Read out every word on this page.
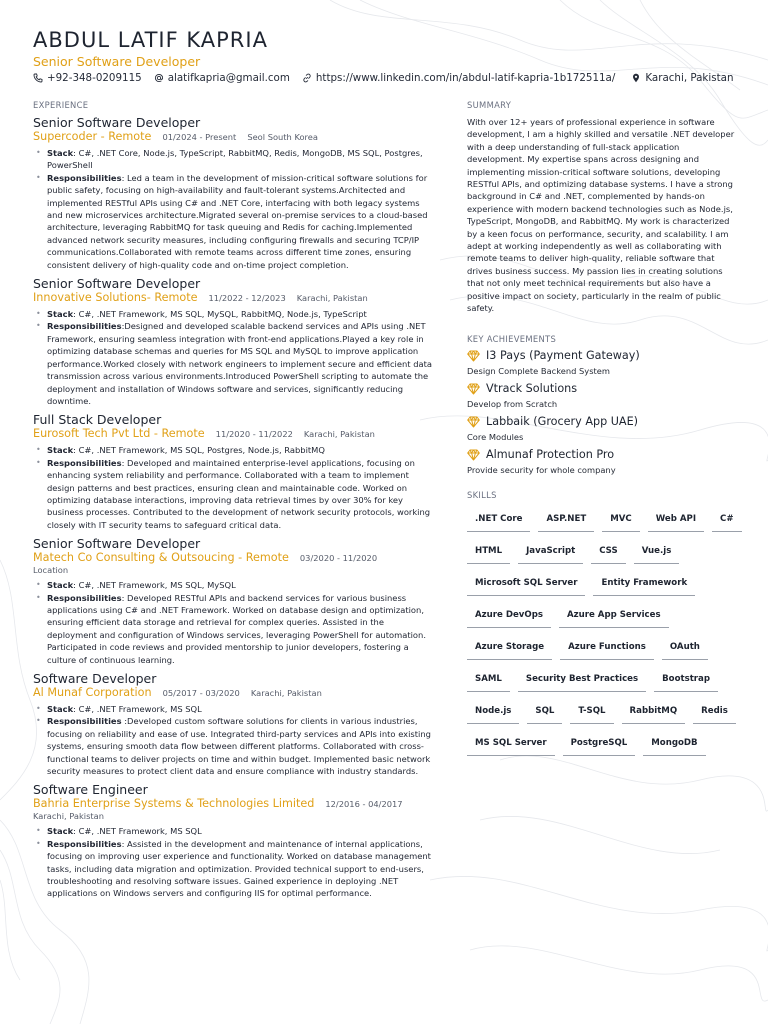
ABDUL LATIF KAPRIA
Senior Software Developer
+92-348-0209115	alatifkapria@gmail.com	https://www.linkedin.com/in/abdul-latif-kapria-1b172511a/	Karachi, Pakistan
EXPERIENCE
Senior Software Developer
Supercoder - Remote 01/2024 - Present Seol South Korea
• Stack: C#, .NET Core, Node.js, TypeScript, RabbitMQ, Redis, MongoDB, MS SQL, Postgres, PowerShell
• Responsibilities: Led a team in the development of mission-critical software solutions for public safety, focusing on high-availability and fault-tolerant systems.Architected and implemented RESTful APIs using C# and .NET Core, interfacing with both legacy systems and new microservices architecture.Migrated several on-premise services to a cloud-based architecture, leveraging RabbitMQ for task queuing and Redis for caching.Implemented advanced network security measures, including configuring firewalls and securing TCP/IP communications.Collaborated with remote teams across different time zones, ensuring consistent delivery of high-quality code and on-time project completion.
Senior Software Developer
Innovative Solutions- Remote 11/2022 - 12/2023 Karachi, Pakistan
• Stack: C#, .NET Framework, MS SQL, MySQL, RabbitMQ, Node.js, TypeScript
• Responsibilities:Designed and developed scalable backend services and APIs using .NET Framework, ensuring seamless integration with front-end applications.Played a key role in optimizing database schemas and queries for MS SQL and MySQL to improve application performance.Worked closely with network engineers to implement secure and efficient data transmission across various environments.Introduced PowerShell scripting to automate the deployment and installation of Windows software and services, significantly reducing downtime.
Full Stack Developer
Eurosoft Tech Pvt Ltd - Remote 11/2020 - 11/2022 Karachi, Pakistan
• Stack: C#, .NET Framework, MS SQL, Postgres, Node.js, RabbitMQ
• Responsibilities: Developed and maintained enterprise-level applications, focusing on enhancing system reliability and performance. Collaborated with a team to implement design patterns and best practices, ensuring clean and maintainable code. Worked on optimizing database interactions, improving data retrieval times by over 30% for key business processes. Contributed to the development of network security protocols, working closely with IT security teams to safeguard critical data.
Senior Software Developer
Matech Co Consulting & Outsoucing - Remote 03/2020 - 11/2020
Location
• Stack: C#, .NET Framework, MS SQL, MySQL
• Responsibilities: Developed RESTful APIs and backend services for various business applications using C# and .NET Framework. Worked on database design and optimization, ensuring efficient data storage and retrieval for complex queries. Assisted in the deployment and configuration of Windows services, leveraging PowerShell for automation. Participated in code reviews and provided mentorship to junior developers, fostering a culture of continuous learning.
Software Developer
Al Munaf Corporation 05/2017 - 03/2020 Karachi, Pakistan
• Stack: C#, .NET Framework, MS SQL
• Responsibilities :Developed custom software solutions for clients in various industries, focusing on reliability and ease of use. Integrated third-party services and APIs into existing systems, ensuring smooth data flow between different platforms. Collaborated with cross-functional teams to deliver projects on time and within budget. Implemented basic network security measures to protect client data and ensure compliance with industry standards.
Software Engineer
Bahria Enterprise Systems & Technologies Limited 12/2016 - 04/2017
Karachi, Pakistan
• Stack: C#, .NET Framework, MS SQL
• Responsibilities: Assisted in the development and maintenance of internal applications, focusing on improving user experience and functionality. Worked on database management tasks, including data migration and optimization. Provided technical support to end-users, troubleshooting and resolving software issues. Gained experience in deploying .NET applications on Windows servers and configuring IIS for optimal performance.
SUMMARY
With over 12+ years of professional experience in software development, I am a highly skilled and versatile .NET developer with a deep understanding of full-stack application development. My expertise spans across designing and implementing mission-critical software solutions, developing RESTful APIs, and optimizing database systems. I have a strong background in C# and .NET, complemented by hands-on experience with modern backend technologies such as Node.js, TypeScript, MongoDB, and RabbitMQ. My work is characterized by a keen focus on performance, security, and scalability. I am adept at working independently as well as collaborating with remote teams to deliver high-quality, reliable software that drives business success. My passion lies in creating solutions that not only meet technical requirements but also have a positive impact on society, particularly in the realm of public safety.
KEY ACHIEVEMENTS
I3 Pays (Payment Gateway)
Design Complete Backend System
Vtrack Solutions
Develop from Scratch
Labbaik (Grocery App UAE)
Core Modules
Almunaf Protection Pro
Provide security for whole company
SKILLS
.NET Core	ASP.NET	MVC	Web API	C#
HTML	JavaScript	CSS	Vue.js
Microsoft SQL Server	Entity Framework
Azure DevOps	Azure App Services
Azure Storage	Azure Functions	OAuth
SAML	Security Best Practices	Bootstrap
Node.js	SQL	T-SQL	RabbitMQ	Redis
MS SQL Server	PostgreSQL	MongoDB
